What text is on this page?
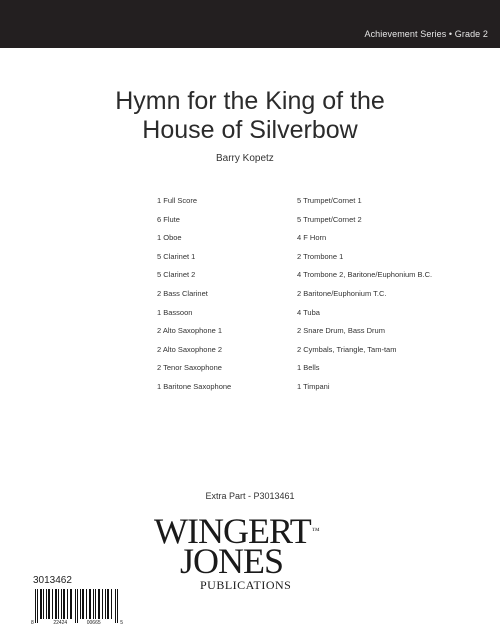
Achievement Series • Grade 2
Hymn for the King of the
House of Silverbow
Barry Kopetz
1 Full Score
6 Flute
1 Oboe
5 Clarinet 1
5 Clarinet 2
2 Bass Clarinet
1 Bassoon
2 Alto Saxophone 1
2 Alto Saxophone 2
2 Tenor Saxophone
1 Baritone Saxophone
5 Trumpet/Cornet 1
5 Trumpet/Cornet 2
4 F Horn
2 Trombone 1
4 Trombone 2, Baritone/Euphonium B.C.
2 Baritone/Euphonium T.C.
4 Tuba
2 Snare Drum, Bass Drum
2 Cymbals, Triangle, Tam-tam
1 Bells
1 Timpani
Extra Part - P3013461
WINGERT™
JONES
PUBLICATIONS
3013462
8	22424	00665	5
